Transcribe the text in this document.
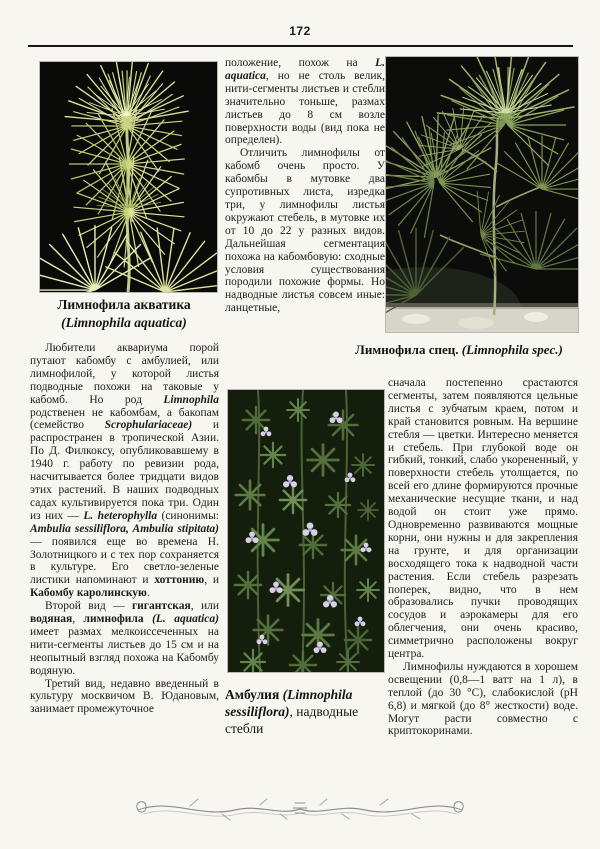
172
Лимнофила акватика
(Limnophila aquatica)
Лимнофила спец. (Limnophila spec.)
Амбулия (Limnophila sessiliflora), надводные стебли

Любители аквариума порой путают кабомбу с амбулией, или лимнофилой, у которой листья подводные похожи на таковые у кабомб. Но род Limnophila родственен не кабомбам, а бакопам (семейство Scrophulariaceae) и распространен в тропической Азии. По Д. Филкоксу, опубликовавшему в 1940 г. работу по ревизии рода, насчитывается более тридцати видов этих растений. В наших подводных садах культивируется пока три. Один из них — L. heterophylla (синонимы: Ambulia sessiliflora, Ambulia stipitata) — появился еще во времена Н. Золотницкого и с тех пор сохраняется в культуре. Его светло-зеленые листики напоминают и хоттонию, и Кабомбу каролинскую.

Второй вид — гигантская, или водяная, лимнофила (L. aquatica) имеет размах мелкоиссеченных на нити-сегменты листьев до 15 см и на неопытный взгляд похожа на Кабомбу водяную.

Третий вид, недавно введенный в культуру москвичом В. Юдановым, занимает промежуточное

положение, похож на L. aquatica, но не столь велик, нити-сегменты листьев и стебли значительно тоньше, размах листьев до 8 см возле поверхности воды (вид пока не определен).

Отличить лимнофилы от кабомб очень просто. У кабомбы в мутовке два супротивных листа, изредка три, у лимнофилы листья окружают стебель, в мутовке их от 10 до 22 у разных видов. Дальнейшая сегментация похожа на кабомбовую: сходные условия существования породили похожие формы. Но надводные листья совсем иные: ланцетные,

сначала постепенно срастаются сегменты, затем появляются цельные листья с зубчатым краем, потом и край становится ровным. На вершине стебля — цветки. Интересно меняется и стебель. При глубокой воде он гибкий, тонкий, слабо укорененный, у поверхности стебель утолщается, по всей его длине формируются прочные механические несущие ткани, и над водой он стоит уже прямо. Одновременно развиваются мощные корни, они нужны и для закрепления на грунте, и для организации восходящего тока к надводной части растения. Если стебель разрезать поперек, видно, что в нем образовались пучки проводящих сосудов и аэрокамеры для его облегчения, они очень красиво, симметрично расположены вокруг центра.

Лимнофилы нуждаются в хорошем освещении (0,8—1 ватт на 1 л), в теплой (до 30 °С), слабокислой (pH 6,8) и мягкой (до 8° жесткости) воде. Могут расти совместно с криптокоринами.
